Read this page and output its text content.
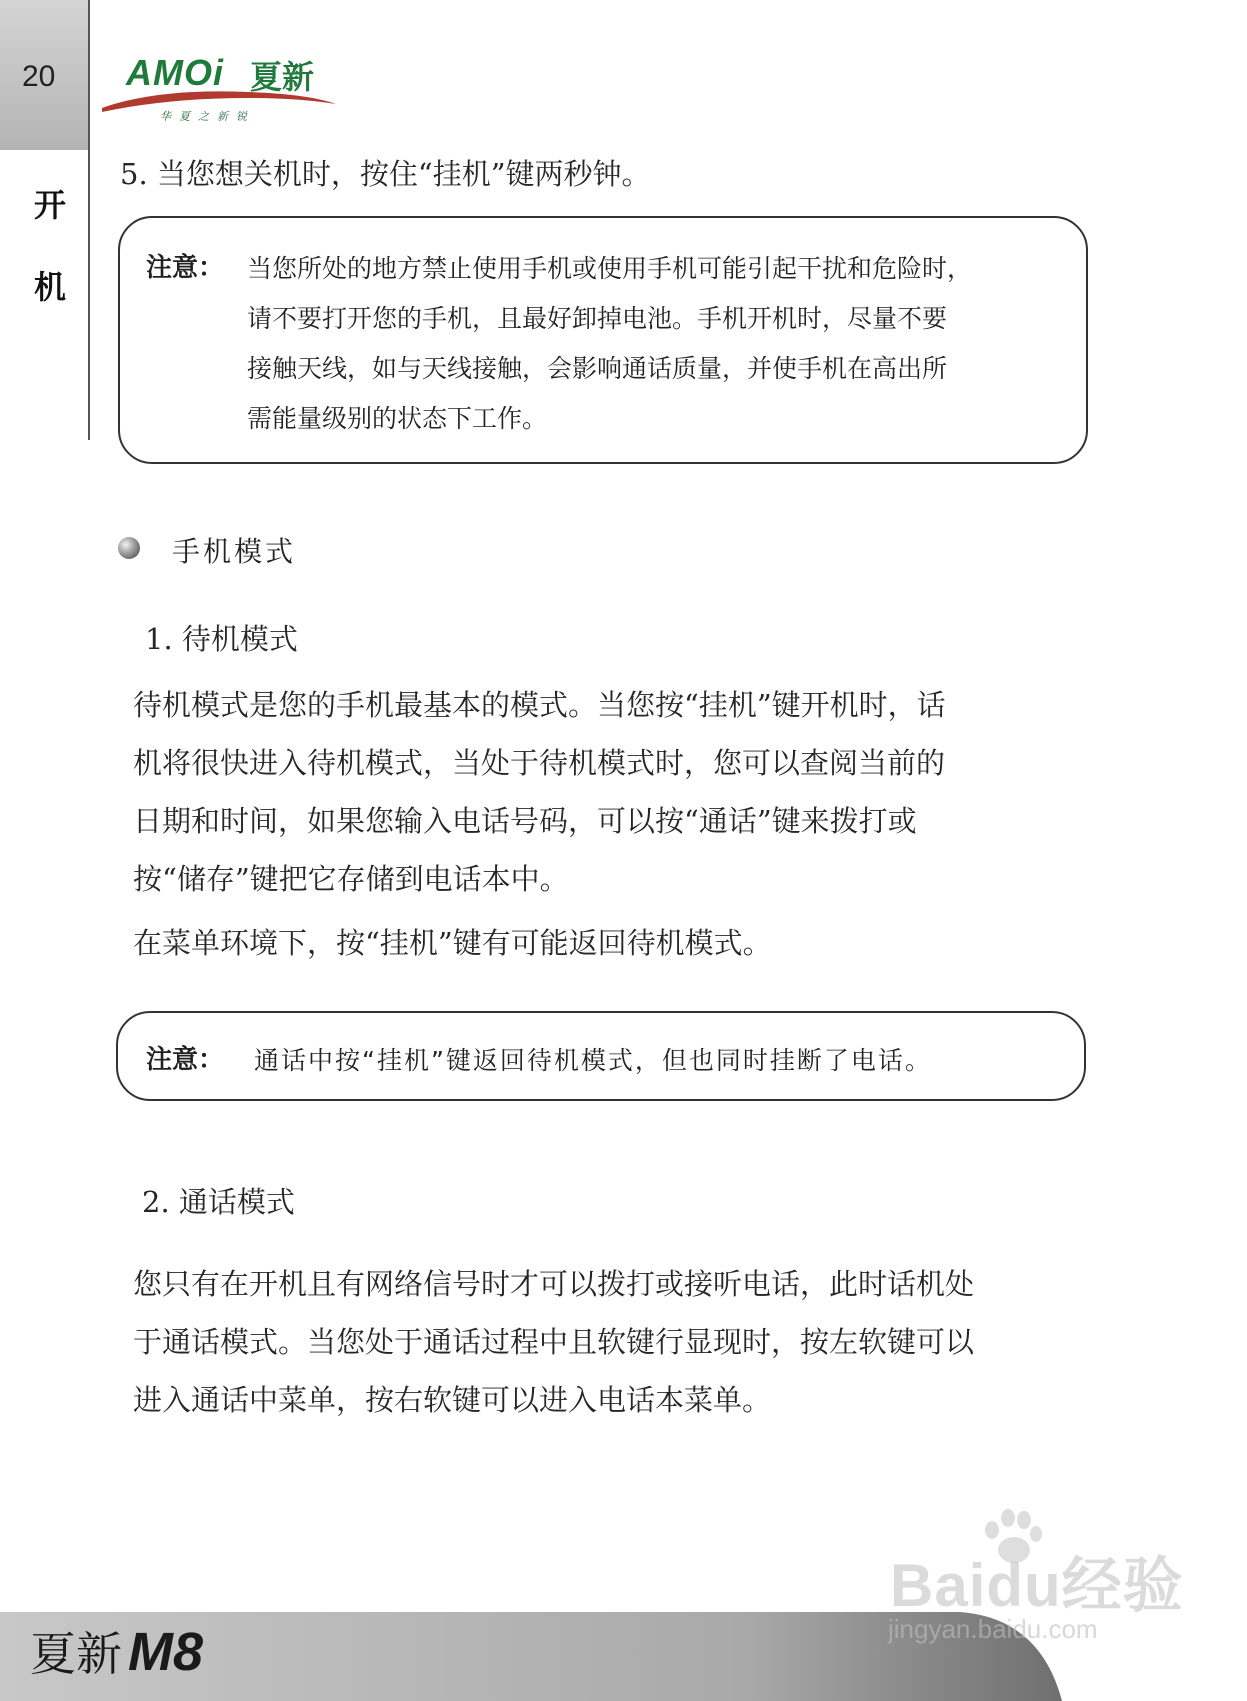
20
开
机
AMOi 夏新
华夏之新锐
5. 当您想关机时，按住“挂机”键两秒钟。
注意： 当您所处的地方禁止使用手机或使用手机可能引起干扰和危险时，
请不要打开您的手机，且最好卸掉电池。手机开机时，尽量不要
接触天线，如与天线接触，会影响通话质量，并使手机在高出所
需能量级别的状态下工作。
手机模式
1. 待机模式
待机模式是您的手机最基本的模式。当您按“挂机”键开机时，话
机将很快进入待机模式，当处于待机模式时，您可以查阅当前的
日期和时间，如果您输入电话号码，可以按“通话”键来拨打或
按“储存”键把它存储到电话本中。
在菜单环境下，按“挂机”键有可能返回待机模式。
注意： 通话中按“挂机”键返回待机模式，但也同时挂断了电话。
2. 通话模式
您只有在开机且有网络信号时才可以拨打或接听电话，此时话机处
于通话模式。当您处于通话过程中且软键行显现时，按左软键可以
进入通话中菜单，按右软键可以进入电话本菜单。
夏新 M8
Baidu经验
jingyan.baidu.com
